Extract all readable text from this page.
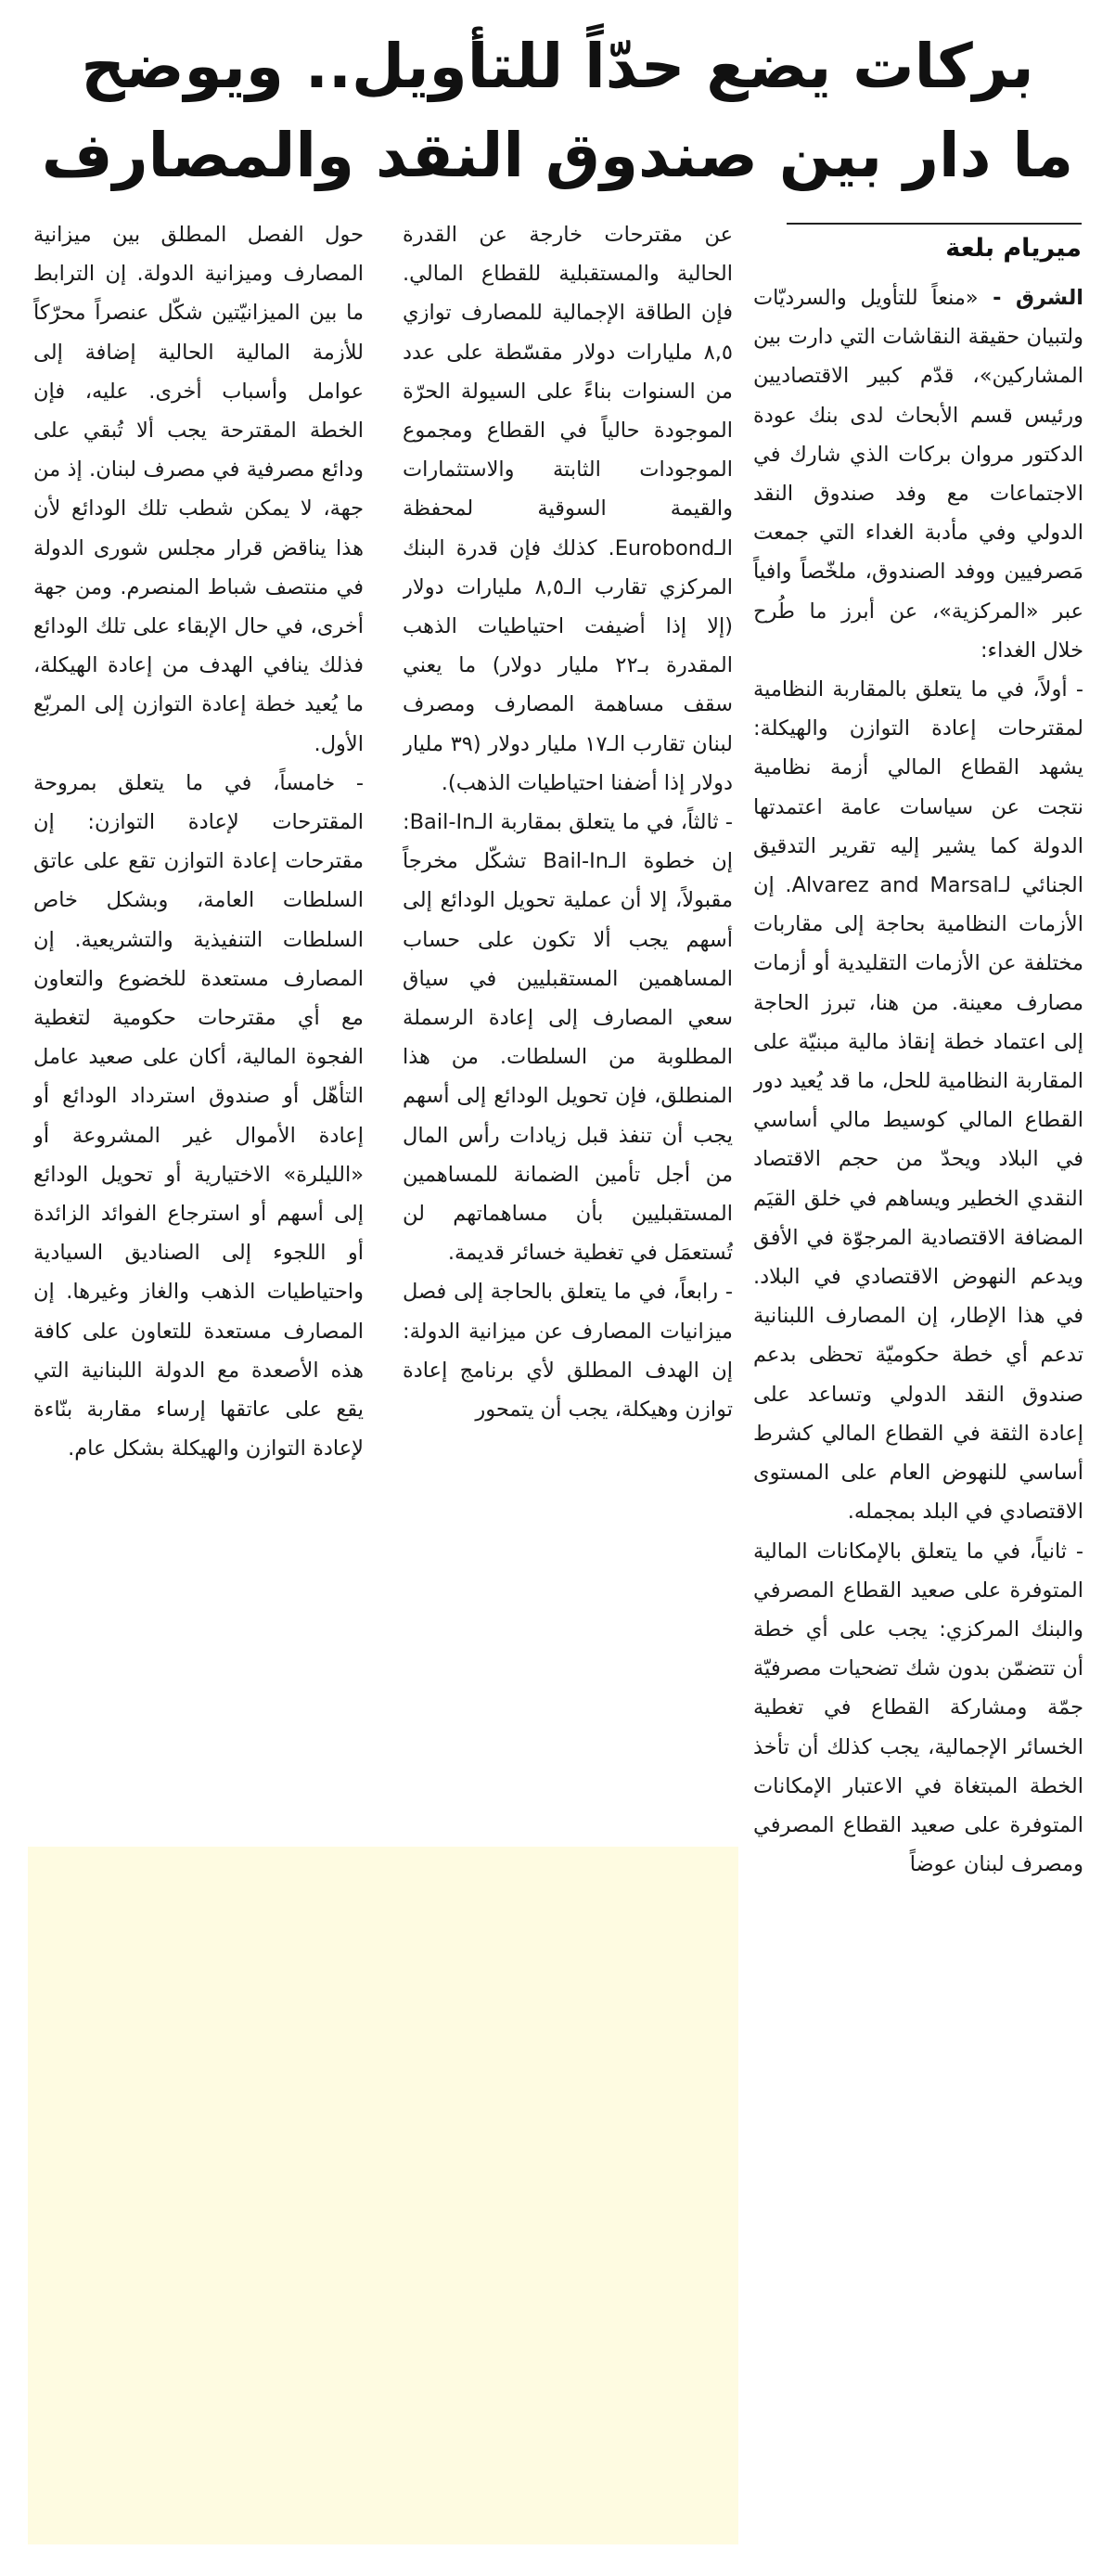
بركات يضع حدّاً للتأويل.. ويوضح
ما دار بين صندوق النقد والمصارف
ميريام بلعة

الشرق - «منعاً للتأويل والسرديّات ولتبيان حقيقة النقاشات التي دارت بين المشاركين»، قدّم كبير الاقتصاديين ورئيس قسم الأبحاث لدى بنك عودة الدكتور مروان بركات الذي شارك في الاجتماعات مع وفد صندوق النقد الدولي وفي مأدبة الغداء التي جمعت مَصرفيين ووفد الصندوق، ملخّصاً وافياً عبر «المركزية»، عن أبرز ما طُرح خلال الغداء:

- أولاً، في ما يتعلق بالمقاربة النظامية لمقترحات إعادة التوازن والهيكلة: يشهد القطاع المالي أزمة نظامية نتجت عن سياسات عامة اعتمدتها الدولة كما يشير إليه تقرير التدقيق الجنائي لـAlvarez and Marsal. إن الأزمات النظامية بحاجة إلى مقاربات مختلفة عن الأزمات التقليدية أو أزمات مصارف معينة. من هنا، تبرز الحاجة إلى اعتماد خطة إنقاذ مالية مبنيّة على المقاربة النظامية للحل، ما قد يُعيد دور القطاع المالي كوسيط مالي أساسي في البلاد ويحدّ من حجم الاقتصاد النقدي الخطير ويساهم في خلق القيَم المضافة الاقتصادية المرجوّة في الأفق ويدعم النهوض الاقتصادي في البلاد. في هذا الإطار، إن المصارف اللبنانية تدعم أي خطة حكوميّة تحظى بدعم صندوق النقد الدولي وتساعد على إعادة الثقة في القطاع المالي كشرط أساسي للنهوض العام على المستوى الاقتصادي في البلد بمجمله.

- ثانياً، في ما يتعلق بالإمكانات المالية المتوفرة على صعيد القطاع المصرفي والبنك المركزي: يجب على أي خطة أن تتضمّن بدون شك تضحيات مصرفيّة جمّة ومشاركة القطاع في تغطية الخسائر الإجمالية، يجب كذلك أن تأخذ الخطة المبتغاة في الاعتبار الإمكانات المتوفرة على صعيد القطاع المصرفي ومصرف لبنان عوضاً

عن مقترحات خارجة عن القدرة الحالية والمستقبلية للقطاع المالي. فإن الطاقة الإجمالية للمصارف توازي ٨,٥ مليارات دولار مقسّطة على عدد من السنوات بناءً على السيولة الحرّة الموجودة حالياً في القطاع ومجموع الموجودات الثابتة والاستثمارات والقيمة السوقية لمحفظة الـEurobond. كذلك فإن قدرة البنك المركزي تقارب الـ٨,٥ مليارات دولار (إلا إذا أضيفت احتياطيات الذهب المقدرة بـ٢٢ مليار دولار) ما يعني سقف مساهمة المصارف ومصرف لبنان تقارب الـ١٧ مليار دولار (٣٩ مليار دولار إذا أضفنا احتياطيات الذهب).

- ثالثاً، في ما يتعلق بمقاربة الـBail-In: إن خطوة الـBail-In تشكّل مخرجاً مقبولاً، إلا أن عملية تحويل الودائع إلى أسهم يجب ألا تكون على حساب المساهمين المستقبليين في سياق سعي المصارف إلى إعادة الرسملة المطلوبة من السلطات. من هذا المنطلق، فإن تحويل الودائع إلى أسهم يجب أن تنفذ قبل زيادات رأس المال من أجل تأمين الضمانة للمساهمين المستقبليين بأن مساهماتهم لن تُستعمَل في تغطية خسائر قديمة.

- رابعاً، في ما يتعلق بالحاجة إلى فصل ميزانيات المصارف عن ميزانية الدولة: إن الهدف المطلق لأي برنامج إعادة توازن وهيكلة، يجب أن يتمحور

حول الفصل المطلق بين ميزانية المصارف وميزانية الدولة. إن الترابط ما بين الميزانيّتين شكّل عنصراً محرّكاً للأزمة المالية الحالية إضافة إلى عوامل وأسباب أخرى. عليه، فإن الخطة المقترحة يجب ألا تُبقي على ودائع مصرفية في مصرف لبنان. إذ من جهة، لا يمكن شطب تلك الودائع لأن هذا يناقض قرار مجلس شورى الدولة في منتصف شباط المنصرم. ومن جهة أخرى، في حال الإبقاء على تلك الودائع فذلك ينافي الهدف من إعادة الهيكلة، ما يُعيد خطة إعادة التوازن إلى المربّع الأول.

- خامساً، في ما يتعلق بمروحة المقترحات لإعادة التوازن: إن مقترحات إعادة التوازن تقع على عاتق السلطات العامة، وبشكل خاص السلطات التنفيذية والتشريعية. إن المصارف مستعدة للخضوع والتعاون مع أي مقترحات حكومية لتغطية الفجوة المالية، أكان على صعيد عامل التأهّل أو صندوق استرداد الودائع أو إعادة الأموال غير المشروعة أو «الليلرة» الاختيارية أو تحويل الودائع إلى أسهم أو استرجاع الفوائد الزائدة أو اللجوء إلى الصناديق السيادية واحتياطيات الذهب والغاز وغيرها. إن المصارف مستعدة للتعاون على كافة هذه الأصعدة مع الدولة اللبنانية التي يقع على عاتقها إرساء مقاربة بنّاءة لإعادة التوازن والهيكلة بشكل عام.
